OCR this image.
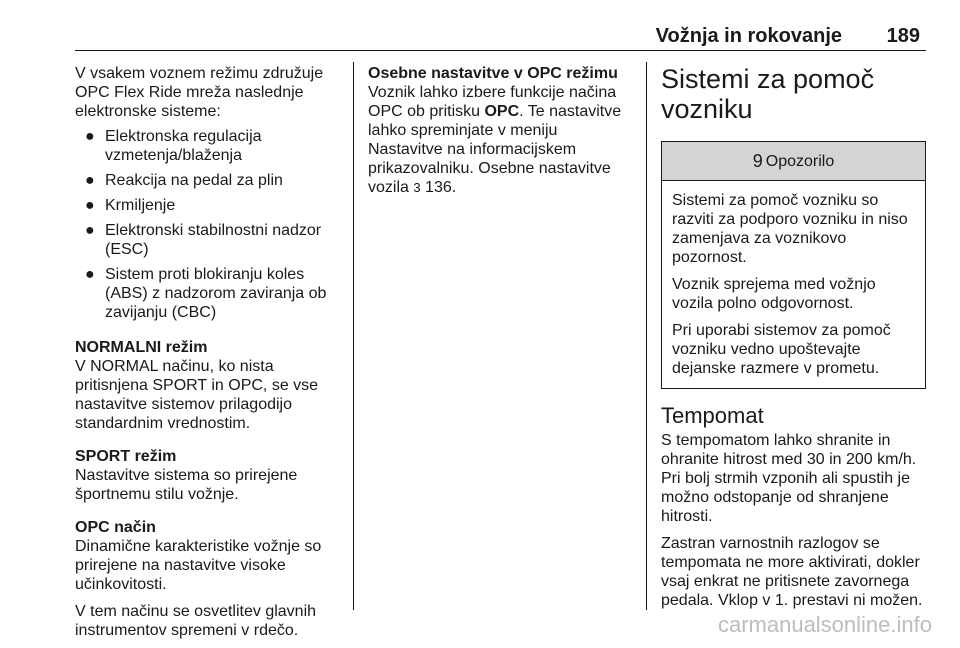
Vožnja in rokovanje 189

V vsakem voznem režimu združuje OPC Flex Ride mreža naslednje elektronske sisteme:

● Elektronska regulacija vzmetenja/blaženja
● Reakcija na pedal za plin
● Krmiljenje
● Elektronski stabilnostni nadzor (ESC)
● Sistem proti blokiranju koles (ABS) z nadzorom zaviranja ob zavijanju (CBC)
NORMALNI režim

V NORMAL načinu, ko nista pritisnjena SPORT in OPC, se vse nastavitve sistemov prilagodijo standardnim vrednostim.

SPORT režim

Nastavitve sistema so prirejene športnemu stilu vožnje.

OPC način

Dinamične karakteristike vožnje so prirejene na nastavitve visoke učinkovitosti.

V tem načinu se osvetlitev glavnih instrumentov spremeni v rdečo.

Osebne nastavitve v OPC režimu

Voznik lahko izbere funkcije načina OPC ob pritisku OPC. Te nastavitve lahko spreminjate v meniju Nastavitve na informacijskem prikazovalniku. Osebne nastavitve vozila 3 136.

Sistemi za pomoč vozniku
9 Opozorilo

Sistemi za pomoč vozniku so razviti za podporo vozniku in niso zamenjava za voznikovo pozornost.

Voznik sprejema med vožnjo vozila polno odgovornost.

Pri uporabi sistemov za pomoč vozniku vedno upoštevajte dejanske razmere v prometu.

Tempomat

S tempomatom lahko shranite in ohranite hitrost med 30 in 200 km/h. Pri bolj strmih vzponih ali spustih je možno odstopanje od shranjene hitrosti.

Zastran varnostnih razlogov se tempomata ne more aktivirati, dokler vsaj enkrat ne pritisnete zavornega pedala. Vklop v 1. prestavi ni možen.

carmanualsonline.info
